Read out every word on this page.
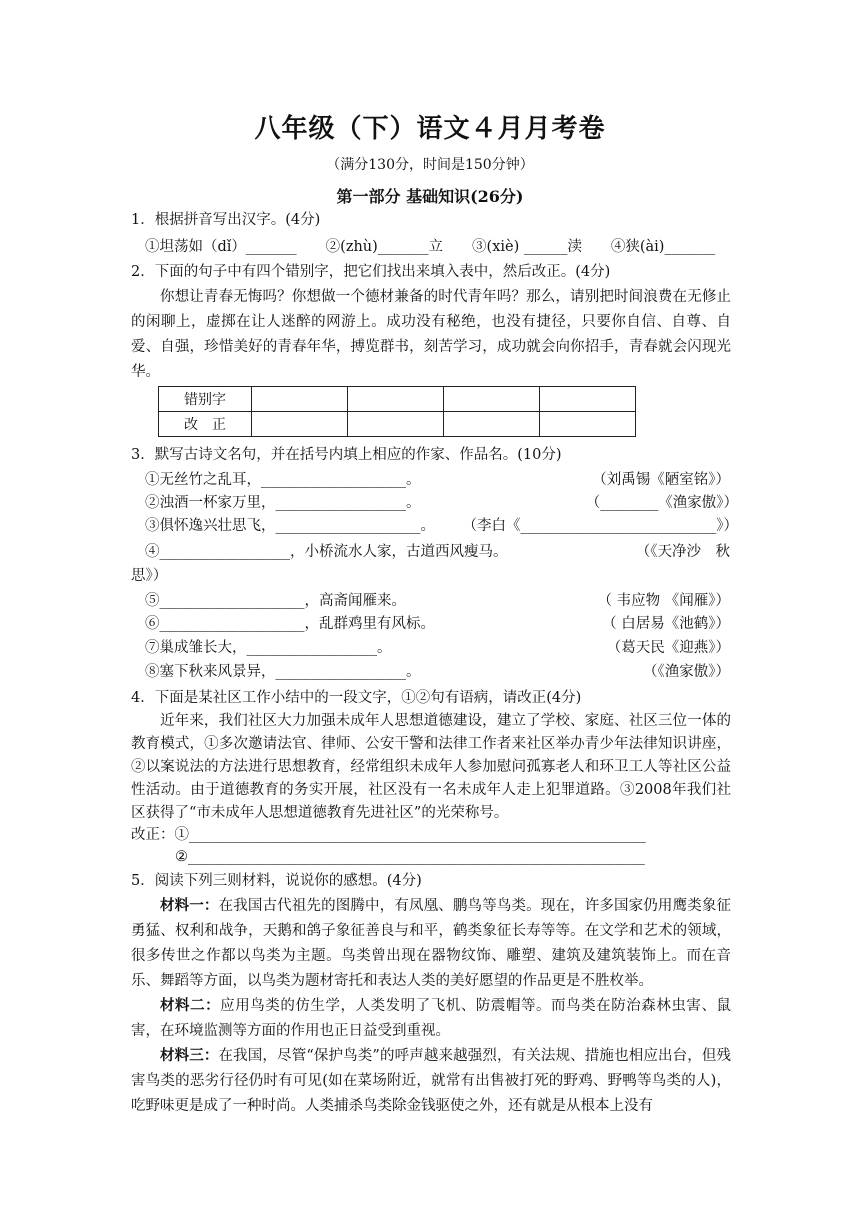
八年级（下）语文４月月考卷
（满分130分，时间是150分钟）
第一部分 基础知识(26分)
1．根据拼音写出汉字。(4分)
①坦荡如（dǐ）_______　　②(zhù)_______立　　③(xiè) ______渎　　④狭(ài)_______
2．下面的句子中有四个错别字，把它们找出来填入表中，然后改正。(4分)
你想让青春无悔吗？你想做一个德材兼备的时代青年吗？那么，请别把时间浪费在无修止的闲聊上，虚掷在让人迷醉的网游上。成功没有秘绝，也没有捷径，只要你自信、自尊、自爱、自强，珍惜美好的青春年华，搏览群书，刻苦学习，成功就会向你招手，青春就会闪现光华。
错别字				
改　正				
3．默写古诗文名句，并在括号内填上相应的作家、作品名。(10分)
①无丝竹之乱耳，____________________。	（刘禹锡《陋室铭》）
②浊酒一杯家万里，__________________。	（________《渔家傲》）
③俱怀逸兴壮思飞，____________________。 （李白《___________________________》）
④__________________，小桥流水人家，古道西风瘦马。	（《天净沙　秋
思》）
⑤____________________，高斋闻雁来。	（ 韦应物 《闻雁》）
⑥____________________，乱群鸡里有风标。	（ 白居易《池鹤》）
⑦巢成雏长大，__________________。	（葛天民《迎燕》）
⑧塞下秋来风景异，__________________。	（《渔家傲》）
4．下面是某社区工作小结中的一段文字，①②句有语病，请改正(4分)
近年来，我们社区大力加强未成年人思想道德建设，建立了学校、家庭、社区三位一体的教育模式，①多次邀请法官、律师、公安干警和法律工作者来社区举办青少年法律知识讲座，②以案说法的方法进行思想教育，经常组织未成年人参加慰问孤寡老人和环卫工人等社区公益性活动。由于道德教育的务实开展，社区没有一名未成年人走上犯罪道路。③2008年我们社区获得了“市未成年人思想道德教育先进社区”的光荣称号。
改正：①_______________________________________________________________
②_______________________________________________________________
5．阅读下列三则材料，说说你的感想。(4分)
材料一：在我国古代祖先的图腾中，有凤凰、鹏鸟等鸟类。现在，许多国家仍用鹰类象征勇猛、权利和战争，天鹅和鸽子象征善良与和平，鹤类象征长寿等等。在文学和艺术的领域，很多传世之作都以鸟类为主题。鸟类曾出现在器物纹饰、雕塑、建筑及建筑装饰上。而在音乐、舞蹈等方面，以鸟类为题材寄托和表达人类的美好愿望的作品更是不胜枚举。
材料二：应用鸟类的仿生学，人类发明了飞机、防震帽等。而鸟类在防治森林虫害、鼠害，在环境监测等方面的作用也正日益受到重视。
材料三：在我国，尽管“保护鸟类”的呼声越来越强烈，有关法规、措施也相应出台，但残害鸟类的恶劣行径仍时有可见(如在菜场附近，就常有出售被打死的野鸡、野鸭等鸟类的人)，吃野味更是成了一种时尚。人类捕杀鸟类除金钱驱使之外，还有就是从根本上没有
